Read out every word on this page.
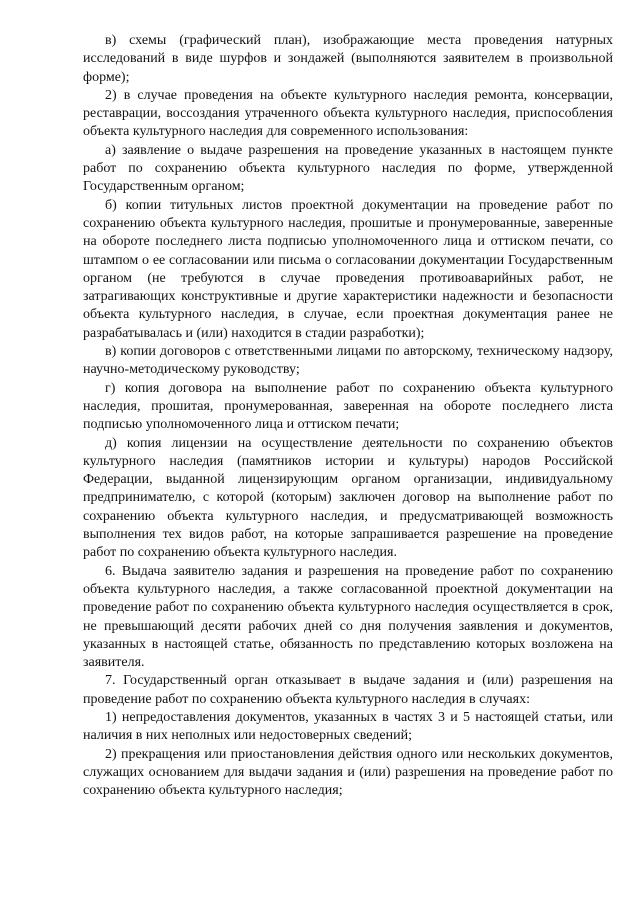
в) схемы (графический план), изображающие места проведения натурных исследований в виде шурфов и зондажей (выполняются заявителем в произвольной форме);

2) в случае проведения на объекте культурного наследия ремонта, консервации, реставрации, воссоздания утраченного объекта культурного наследия, приспособления объекта культурного наследия для современного использования:

а) заявление о выдаче разрешения на проведение указанных в настоящем пункте работ по сохранению объекта культурного наследия по форме, утвержденной Государственным органом;

б) копии титульных листов проектной документации на проведение работ по сохранению объекта культурного наследия, прошитые и пронумерованные, заверенные на обороте последнего листа подписью уполномоченного лица и оттиском печати, со штампом о ее согласовании или письма о согласовании документации Государственным органом (не требуются в случае проведения противоаварийных работ, не затрагивающих конструктивные и другие характеристики надежности и безопасности объекта культурного наследия, в случае, если проектная документация ранее не разрабатывалась и (или) находится в стадии разработки);

в) копии договоров с ответственными лицами по авторскому, техническому надзору, научно-методическому руководству;

г) копия договора на выполнение работ по сохранению объекта культурного наследия, прошитая, пронумерованная, заверенная на обороте последнего листа подписью уполномоченного лица и оттиском печати;

д) копия лицензии на осуществление деятельности по сохранению объектов культурного наследия (памятников истории и культуры) народов Российской Федерации, выданной лицензирующим органом организации, индивидуальному предпринимателю, с которой (которым) заключен договор на выполнение работ по сохранению объекта культурного наследия, и предусматривающей возможность выполнения тех видов работ, на которые запрашивается разрешение на проведение работ по сохранению объекта культурного наследия.

6. Выдача заявителю задания и разрешения на проведение работ по сохранению объекта культурного наследия, а также согласованной проектной документации на проведение работ по сохранению объекта культурного наследия осуществляется в срок, не превышающий десяти рабочих дней со дня получения заявления и документов, указанных в настоящей статье, обязанность по представлению которых возложена на заявителя.

7. Государственный орган отказывает в выдаче задания и (или) разрешения на проведение работ по сохранению объекта культурного наследия в случаях:

1) непредоставления документов, указанных в частях 3 и 5 настоящей статьи, или наличия в них неполных или недостоверных сведений;

2) прекращения или приостановления действия одного или нескольких документов, служащих основанием для выдачи задания и (или) разрешения на проведение работ по сохранению объекта культурного наследия;
